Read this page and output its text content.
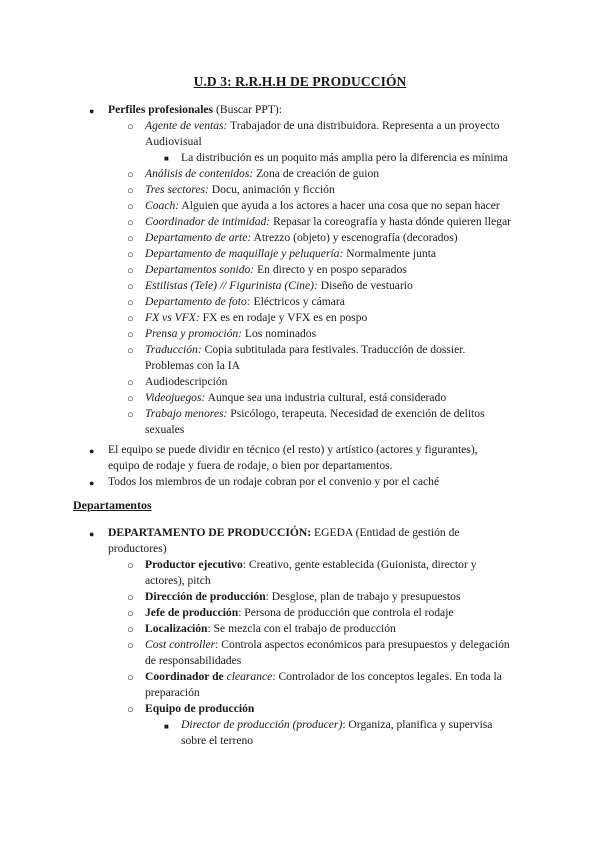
U.D 3: R.R.H.H DE PRODUCCIÓN
● Perfiles profesionales (Buscar PPT):
○ Agente de ventas: Trabajador de una distribuidora. Representa a un proyecto
Audiovisual
■ La distribución es un poquito más amplia pero la diferencia es mínima
○ Análisis de contenidos: Zona de creación de guion
○ Tres sectores: Docu, animación y ficción
○ Coach: Alguien que ayuda a los actores a hacer una cosa que no sepan hacer
○ Coordinador de intimidad: Repasar la coreografía y hasta dónde quieren llegar
○ Departamento de arte: Atrezzo (objeto) y escenografía (decorados)
○ Departamento de maquillaje y peluquería: Normalmente junta
○ Departamentos sonido: En directo y en pospo separados
○ Estilistas (Tele) // Figurinista (Cine): Diseño de vestuario
○ Departamento de foto: Eléctricos y cámara
○ FX vs VFX: FX es en rodaje y VFX es en pospo
○ Prensa y promoción: Los nominados
○ Traducción: Copia subtitulada para festivales. Traducción de dossier.
Problemas con la IA
○ Audiodescripción
○ Videojuegos: Aunque sea una industria cultural, está considerado
○ Trabajo menores: Psicólogo, terapeuta. Necesidad de exención de delitos
sexuales
● El equipo se puede dividir en técnico (el resto) y artístico (actores y figurantes),
equipo de rodaje y fuera de rodaje, o bien por departamentos.
● Todos los miembros de un rodaje cobran por el convenio y por el caché
Departamentos
● DEPARTAMENTO DE PRODUCCIÓN: EGEDA (Entidad de gestión de
productores)
○ Productor ejecutivo: Creativo, gente establecida (Guionista, director y
actores), pitch
○ Dirección de producción: Desglose, plan de trabajo y presupuestos
○ Jefe de producción: Persona de producción que controla el rodaje
○ Localización: Se mezcla con el trabajo de producción
○ Cost controller: Controla aspectos económicos para presupuestos y delegación
de responsabilidades
○ Coordinador de clearance: Controlador de los conceptos legales. En toda la
preparación
○ Equipo de producción
■ Director de producción (producer): Organiza, planifica y supervisa
sobre el terreno
